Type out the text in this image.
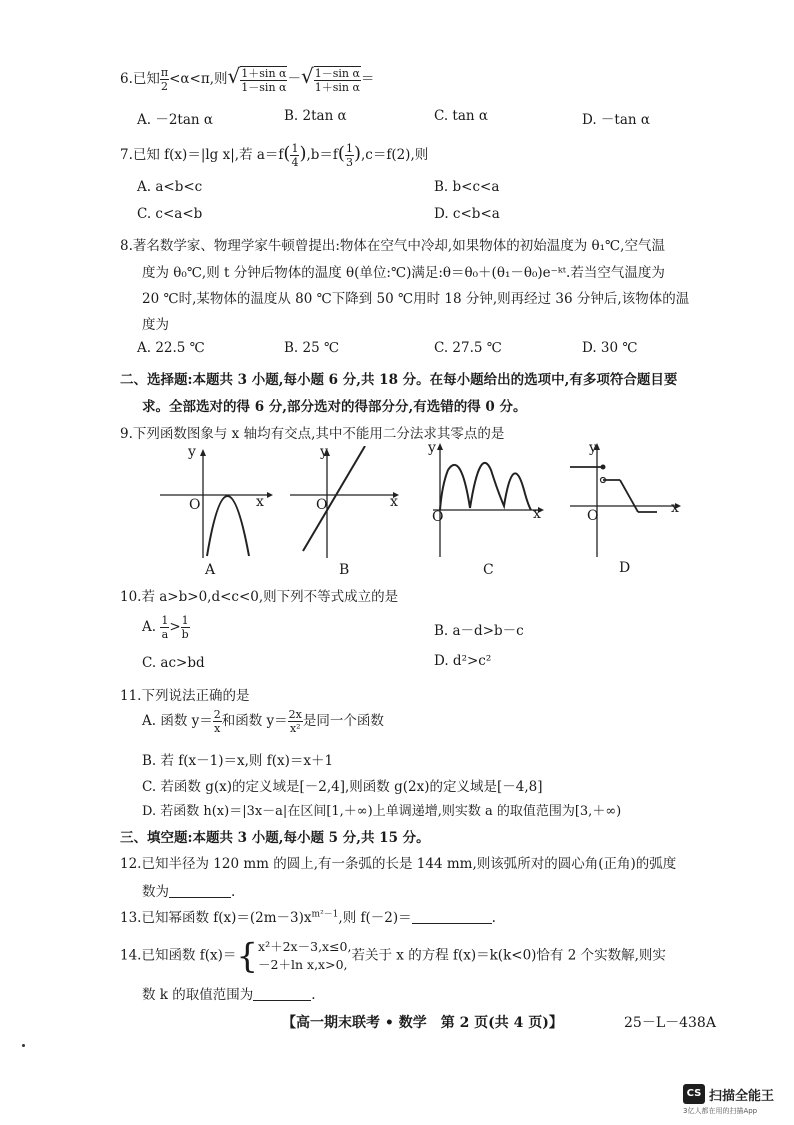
6.已知 $\frac{\pi}{2} <\alpha<\pi$,则√ $\frac{\text{1＋sin α}}{\text{1－sin α}}$ －√ $\frac{\text{1－sin α}}{\text{1＋sin α}}$ ＝
A. －2tan α	B. 2tan α	C. tan α	D. －tan α
7.已知 f(x)＝|lg x|,若 $a=f( \frac{1}{4} ),b=f( \frac{1}{3} ),c=f(2)$,则
A. a<b<c	B. b<c<a
C. c<a<b	D. c<b<a
8.著名数学家、物理学家牛顿曾提出:物体在空气中冷却,如果物体的初始温度为 θ₁℃,空气温
度为 θ₀℃,则 t 分钟后物体的温度 θ(单位:℃)满足:θ＝θ₀＋(θ₁－θ₀)e⁻ᵏᵗ.若当空气温度为
20 ℃时,某物体的温度从 80 ℃下降到 50 ℃用时 18 分钟,则再经过 36 分钟后,该物体的温
度为
A. 22.5 ℃	B. 25 ℃	C. 27.5 ℃	D. 30 ℃
二、选择题:本题共 3 小题,每小题 6 分,共 18 分。在每小题给出的选项中,有多项符合题目要
求。全部选对的得 6 分,部分选对的得部分分,有选错的得 0 分。
9.下列函数图象与 x 轴均有交点,其中不能用二分法求其零点的是
y
O	x
A
y
O	x
B
y
O	x
C
y
O	x
D
10.若 a>b>0,d<c<0,则下列不等式成立的是
A. $\frac{1}{a} > \frac{1}{b}$	B. a－d>b－c
C. ac>bd	D. d²>c²
11.下列说法正确的是
A. 函数 $y= \frac{2}{x}$ 和函数 $y= \frac{2x}{\text{x²}}$ 是同一个函数
B. 若 f(x－1)＝x,则 f(x)＝x＋1
C. 若函数 g(x)的定义域是[－2,4],则函数 g(2x)的定义域是[－4,8]
D. 若函数 h(x)＝|3x－a|在区间[1,＋∞)上单调递增,则实数 a 的取值范围为[3,＋∞)
三、填空题:本题共 3 小题,每小题 5 分,共 15 分。
12.已知半径为 120 mm 的圆上,有一条弧的长是 144 mm,则该弧所对的圆心角(正角)的弧度
数为	.
13.已知幂函数 $f(x)=(2m-3)x^{m^2-1}$,则 f(－2)＝	.
14.已知函数 f(x)＝{ x²＋2x－3,x≤0,
－2＋ln x,x>0,
若关于 x 的方程 f(x)＝k(k<0)恰有 2 个实数解,则实
数 k 的取值范围为	.
【高一期末联考 • 数学　第 2 页(共 4 页)】	25－L－438A
CS 扫描全能王
3亿人都在用的扫描App
